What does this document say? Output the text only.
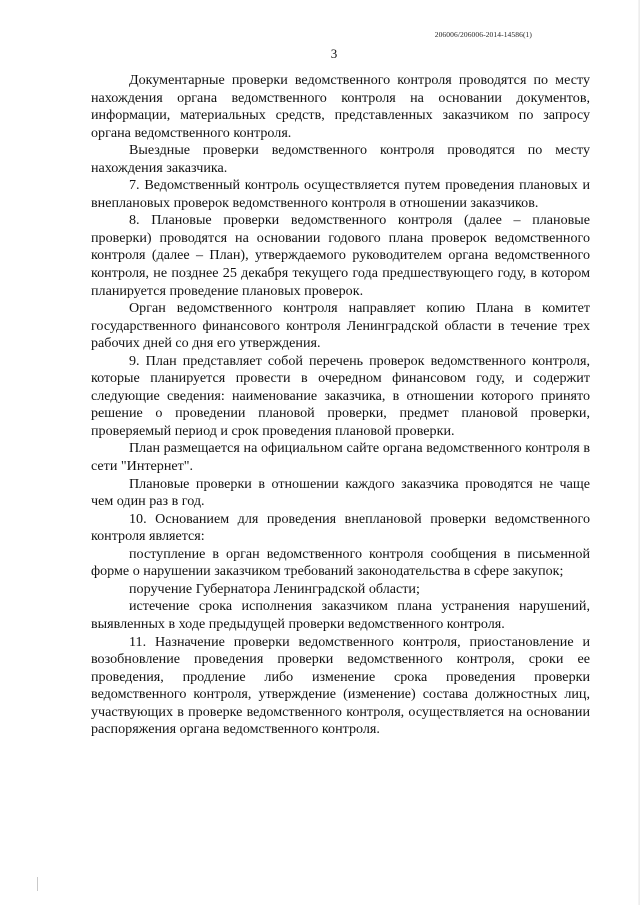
206006/206006-2014-14586(1)
3

Документарные проверки ведомственного контроля проводятся по месту нахождения органа ведомственного контроля на основании документов, информации, материальных средств, представленных заказчиком по запросу органа ведомственного контроля.

Выездные проверки ведомственного контроля проводятся по месту нахождения заказчика.

7. Ведомственный контроль осуществляется путем проведения плановых и внеплановых проверок ведомственного контроля в отношении заказчиков.

8. Плановые проверки ведомственного контроля (далее – плановые проверки) проводятся на основании годового плана проверок ведомственного контроля (далее – План), утверждаемого руководителем органа ведомственного контроля, не позднее 25 декабря текущего года предшествующего году, в котором планируется проведение плановых проверок.

Орган ведомственного контроля направляет копию Плана в комитет государственного финансового контроля Ленинградской области в течение трех рабочих дней со дня его утверждения.

9. План представляет собой перечень проверок ведомственного контроля, которые планируется провести в очередном финансовом году, и содержит следующие сведения: наименование заказчика, в отношении которого принято решение о проведении плановой проверки, предмет плановой проверки, проверяемый период и срок проведения плановой проверки.

План размещается на официальном сайте органа ведомственного контроля в сети "Интернет".

Плановые проверки в отношении каждого заказчика проводятся не чаще чем один раз в год.

10. Основанием для проведения внеплановой проверки ведомственного контроля является:

поступление в орган ведомственного контроля сообщения в письменной форме о нарушении заказчиком требований законодательства в сфере закупок;

поручение Губернатора Ленинградской области;

истечение срока исполнения заказчиком плана устранения нарушений, выявленных в ходе предыдущей проверки ведомственного контроля.

11. Назначение проверки ведомственного контроля, приостановление и возобновление проведения проверки ведомственного контроля, сроки ее проведения, продление либо изменение срока проведения проверки ведомственного контроля, утверждение (изменение) состава должностных лиц, участвующих в проверке ведомственного контроля, осуществляется на основании распоряжения органа ведомственного контроля.
